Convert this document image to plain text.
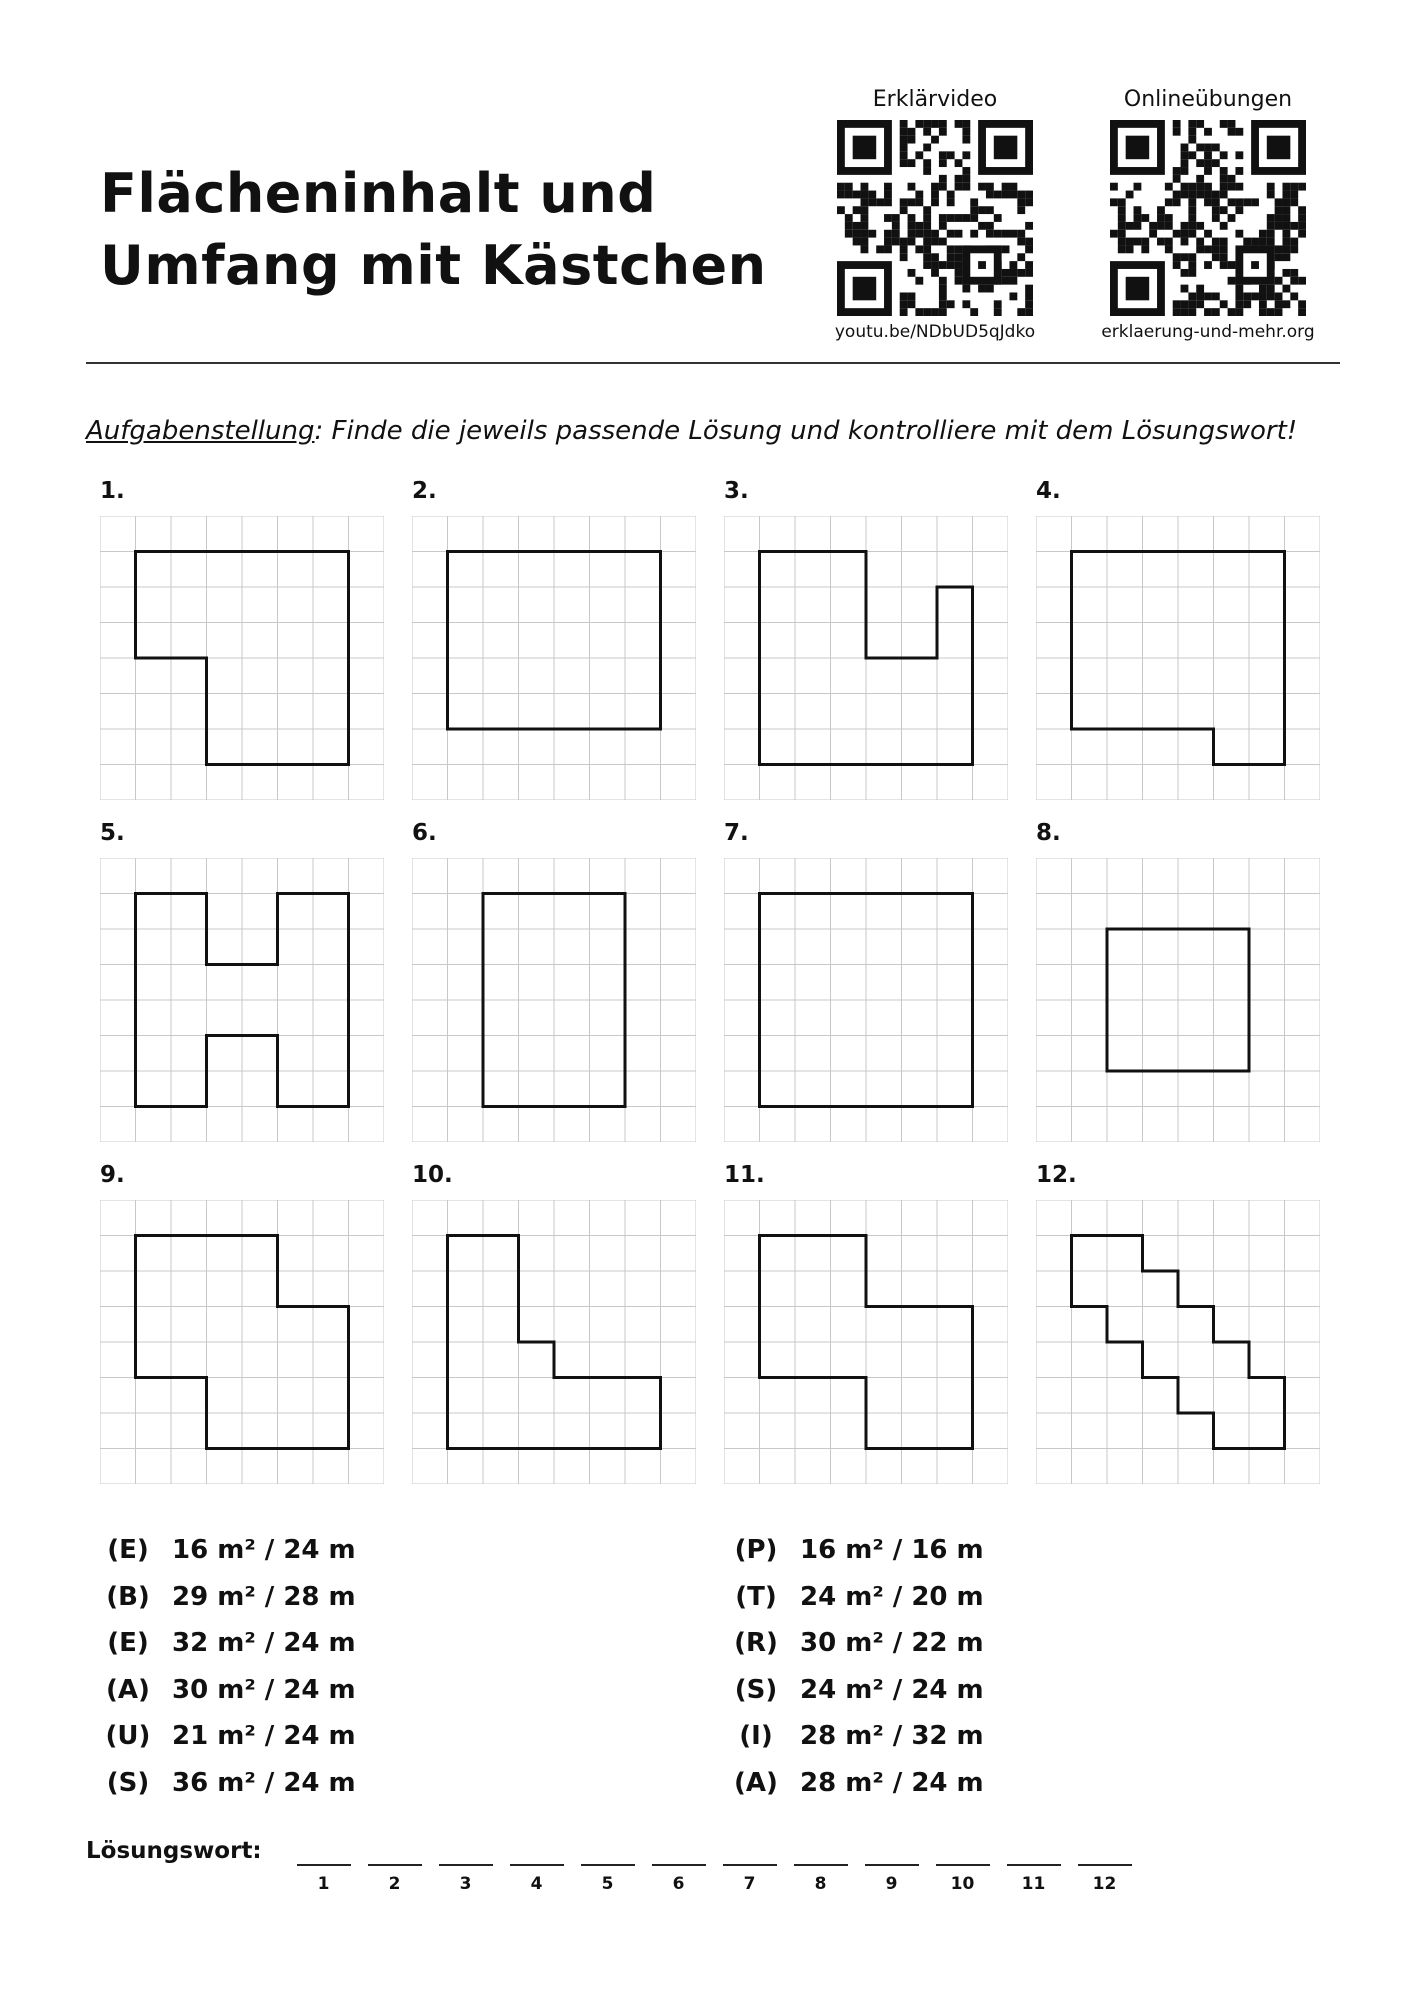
Flächeninhalt und
Umfang mit Kästchen
Erklärvideo
youtu.be/NDbUD5qJdko
Onlineübungen
erklaerung-und-mehr.org
Aufgabenstellung: Finde die jeweils passende Lösung und kontrolliere mit dem Lösungswort!
1.	2.	3.	4.
5.	6.	7.	8.
9.	10.	11.	12.
(E) 16 m² / 24 m
(B) 29 m² / 28 m
(E) 32 m² / 24 m
(A) 30 m² / 24 m
(U) 21 m² / 24 m
(S) 36 m² / 24 m
(P) 16 m² / 16 m
(T) 24 m² / 20 m
(R) 30 m² / 22 m
(S) 24 m² / 24 m
(I)	28 m² / 32 m
(A) 28 m² / 24 m
Lösungswort:
1	2	3	4	5	6	7	8	9	10	11	12
